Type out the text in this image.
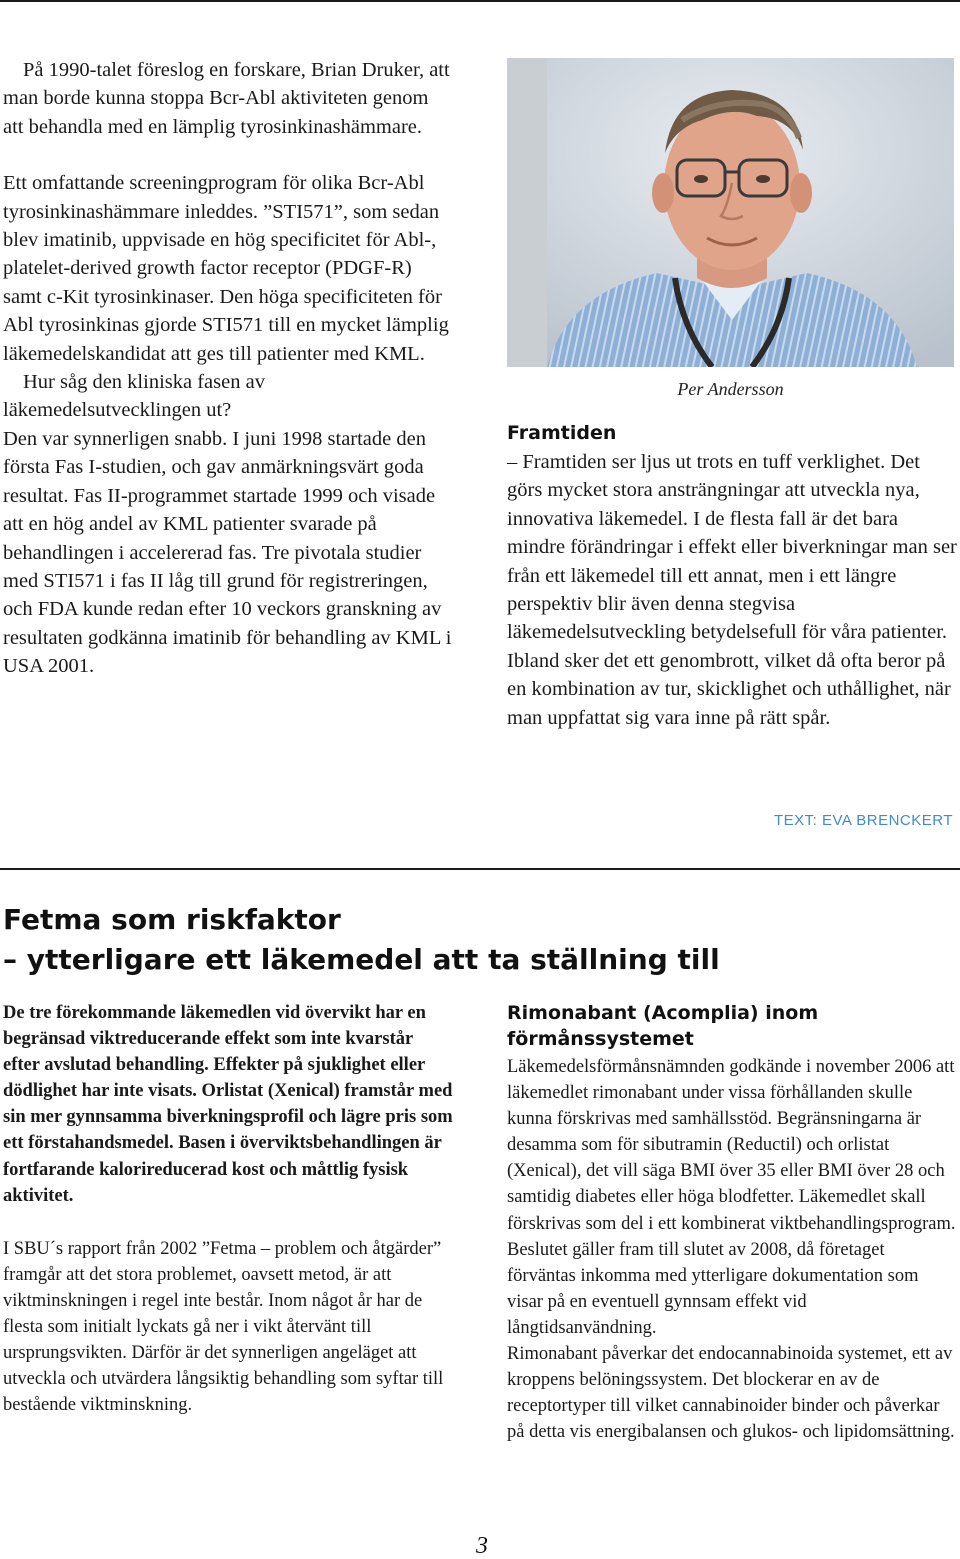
På 1990-talet föreslog en forskare, Brian Druker, att man borde kunna stoppa Bcr-Abl aktiviteten genom att behandla med en lämplig tyrosinkinashämmare.

Ett omfattande screeningprogram för olika Bcr-Abl tyrosinkinashämmare inleddes. ”STI571”, som sedan blev imatinib, uppvisade en hög specificitet för Abl-, platelet-derived growth factor receptor (PDGF-R) samt c-Kit tyrosinkinaser. Den höga specificiteten för Abl tyrosinkinas gjorde STI571 till en mycket lämplig läkemedelskandidat att ges till patienter med KML.

Hur såg den kliniska fasen av läkemedelsutvecklingen ut?

Den var synnerligen snabb. I juni 1998 startade den första Fas I-studien, och gav anmärkningsvärt goda resultat. Fas II-programmet startade 1999 och visade att en hög andel av KML patienter svarade på behandlingen i accelererad fas. Tre pivotala studier med STI571 i fas II låg till grund för registreringen, och FDA kunde redan efter 10 veckors granskning av resultaten godkänna imatinib för behandling av KML i USA 2001.

Per Andersson
Framtiden

– Framtiden ser ljus ut trots en tuff verklighet. Det görs mycket stora ansträngningar att utveckla nya, innovativa läkemedel. I de flesta fall är det bara mindre förändringar i effekt eller biverkningar man ser från ett läkemedel till ett annat, men i ett längre perspektiv blir även denna stegvisa läkemedelsutveckling betydelsefull för våra patienter. Ibland sker det ett genombrott, vilket då ofta beror på en kombination av tur, skicklighet och uthållighet, när man uppfattat sig vara inne på rätt spår.

TEXT: EVA BRENCKERT
Fetma som riskfaktor
– ytterligare ett läkemedel att ta ställning till

De tre förekommande läkemedlen vid övervikt har en begränsad viktreducerande effekt som inte kvarstår efter avslutad behandling. Effekter på sjuklighet eller dödlighet har inte visats. Orlistat (Xenical) framstår med sin mer gynnsamma biverkningsprofil och lägre pris som ett förstahandsmedel. Basen i överviktsbehandlingen är fortfarande kalorireducerad kost och måttlig fysisk aktivitet.

I SBU´s rapport från 2002 ”Fetma – problem och åtgärder” framgår att det stora problemet, oavsett metod, är att viktminskningen i regel inte består. Inom något år har de flesta som initialt lyckats gå ner i vikt återvänt till ursprungsvikten. Därför är det synnerligen angeläget att utveckla och utvärdera långsiktig behandling som syftar till bestående viktminskning.

Rimonabant (Acomplia) inom förmånssystemet

Läkemedelsförmånsnämnden godkände i november 2006 att läkemedlet rimonabant under vissa förhållanden skulle kunna förskrivas med samhällsstöd. Begränsningarna är desamma som för sibutramin (Reductil) och orlistat (Xenical), det vill säga BMI över 35 eller BMI över 28 och samtidig diabetes eller höga blodfetter. Läkemedlet skall förskrivas som del i ett kombinerat viktbehandlingsprogram. Beslutet gäller fram till slutet av 2008, då företaget förväntas inkomma med ytterligare dokumentation som visar på en eventuell gynnsam effekt vid långtidsanvändning.

Rimonabant påverkar det endocannabinoida systemet, ett av kroppens belöningssystem. Det blockerar en av de receptortyper till vilket cannabinoider binder och påverkar på detta vis energibalansen och glukos- och lipidomsättning.

3
